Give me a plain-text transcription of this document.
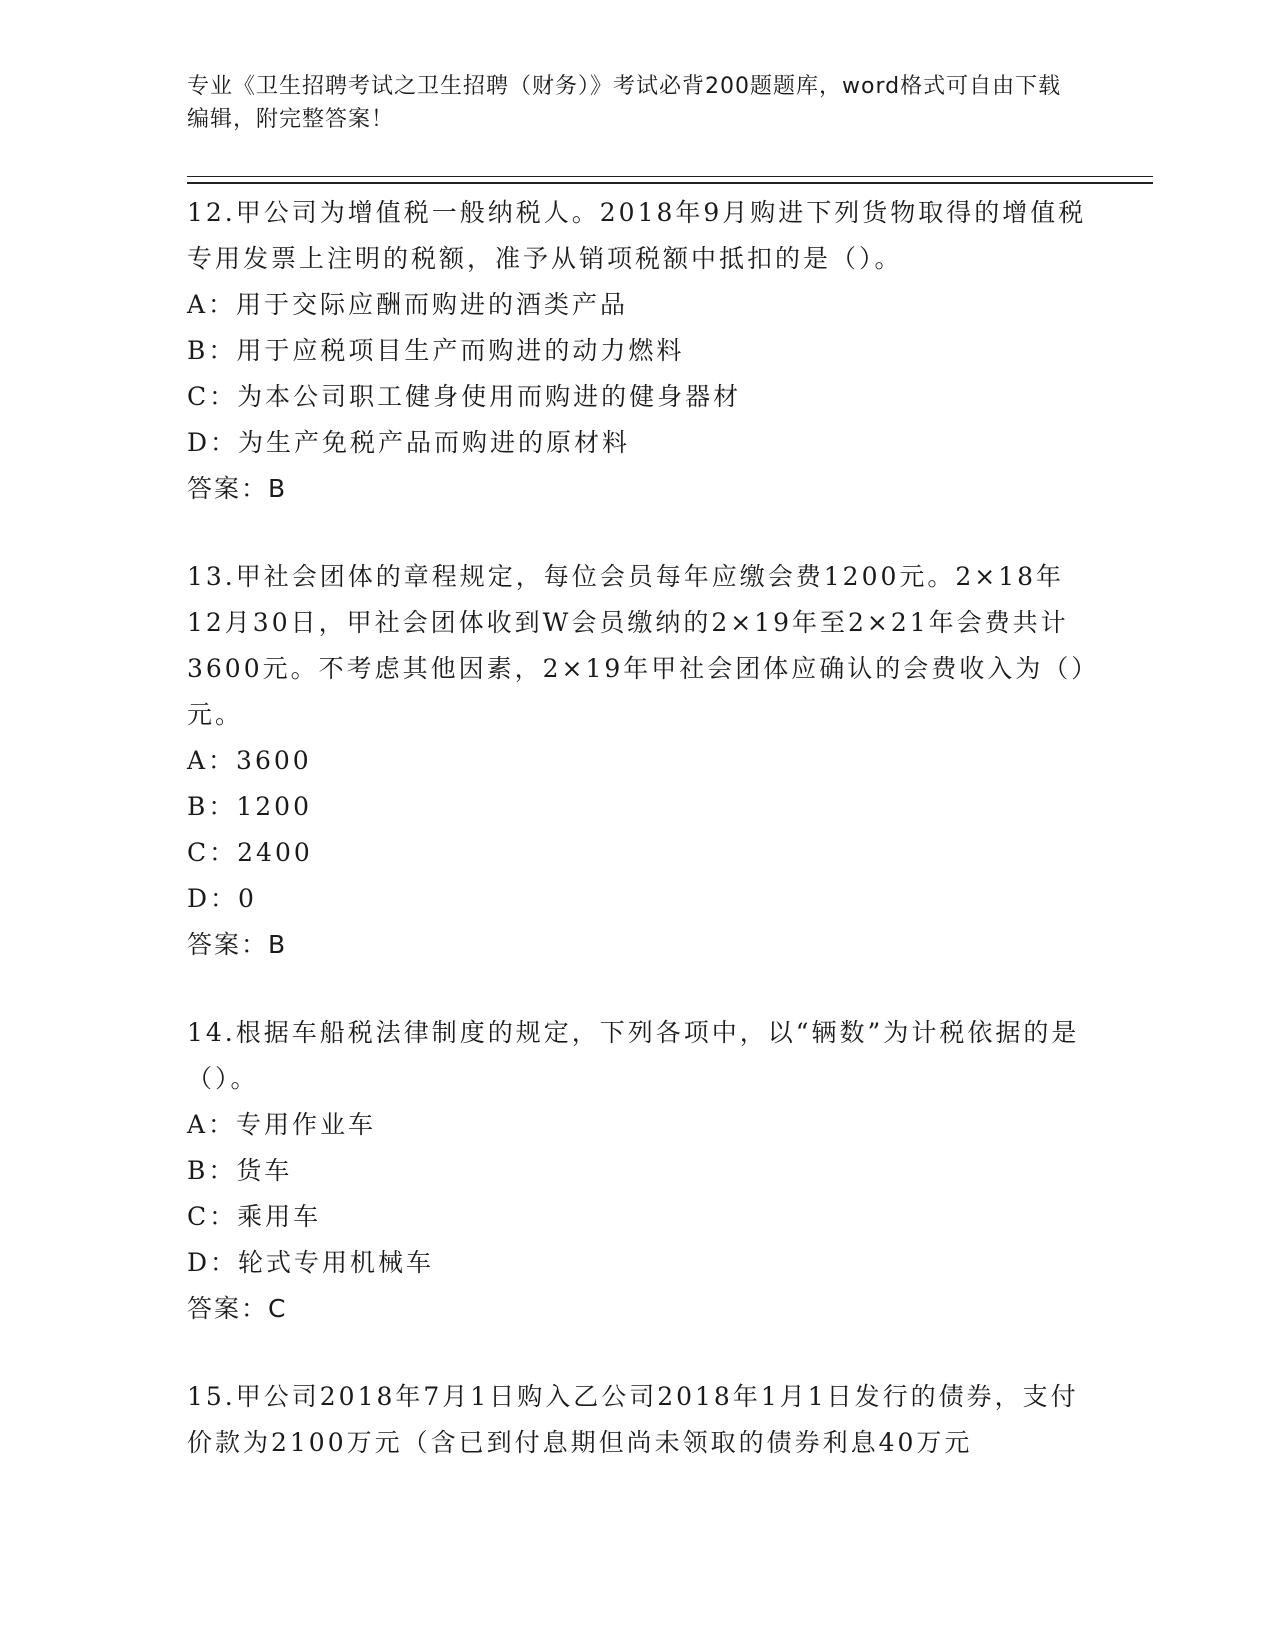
专业《卫生招聘考试之卫生招聘（财务）》考试必背200题题库，word格式可自由下载编辑，附完整答案！

12.甲公司为增值税一般纳税人。2018年9月购进下列货物取得的增值税专用发票上注明的税额，准予从销项税额中抵扣的是（）。

A：用于交际应酬而购进的酒类产品

B：用于应税项目生产而购进的动力燃料

C：为本公司职工健身使用而购进的健身器材

D：为生产免税产品而购进的原材料

答案：B

13.甲社会团体的章程规定，每位会员每年应缴会费1200元。2×18年12月30日，甲社会团体收到W会员缴纳的2×19年至2×21年会费共计3600元。不考虑其他因素，2×19年甲社会团体应确认的会费收入为（）元。

A：3600

B：1200

C：2400

D：0

答案：B

14.根据车船税法律制度的规定，下列各项中，以“辆数”为计税依据的是（）。

A：专用作业车

B：货车

C：乘用车

D：轮式专用机械车

答案：C

15.甲公司2018年7月1日购入乙公司2018年1月1日发行的债券，支付价款为2100万元（含已到付息期但尚未领取的债券利息40万元
